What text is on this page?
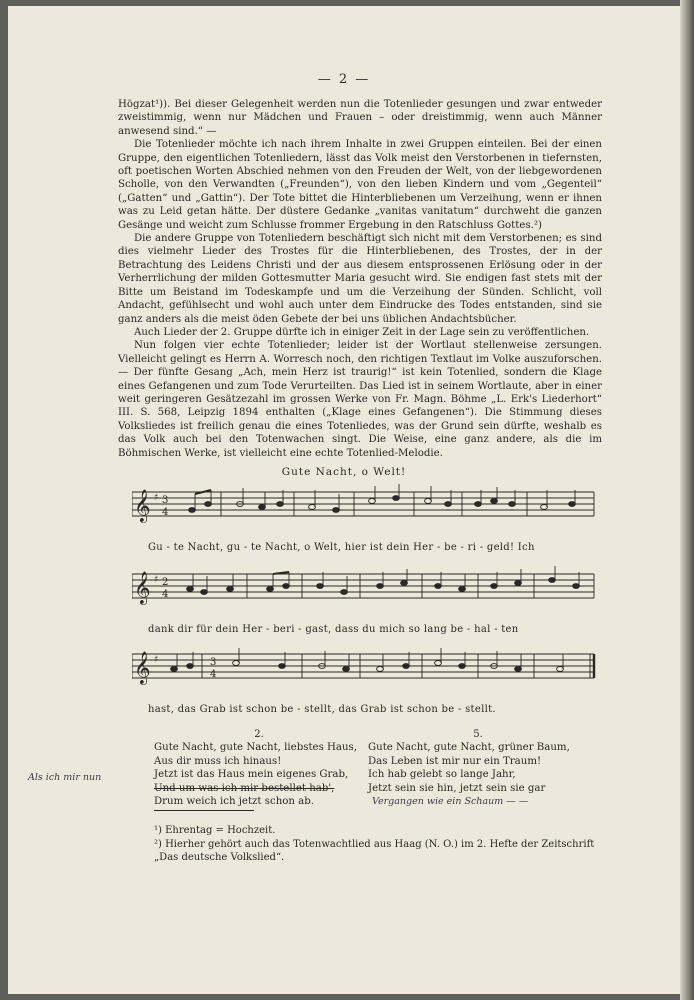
— 2 —

Högzat¹)). Bei dieser Gelegenheit werden nun die Totenlieder gesungen und zwar entweder zweistimmig, wenn nur Mädchen und Frauen – oder dreistimmig, wenn auch Männer anwesend sind.“ —

Die Totenlieder möchte ich nach ihrem Inhalte in zwei Gruppen einteilen. Bei der einen Gruppe, den eigentlichen Totenliedern, lässt das Volk meist den Verstorbenen in tiefernsten, oft poetischen Worten Abschied nehmen von den Freuden der Welt, von der liebgewordenen Scholle, von den Verwandten („Freunden“), von den lieben Kindern und vom „Gegenteil“ („Gatten“ und „Gattin“). Der Tote bittet die Hinterbliebenen um Verzeihung, wenn er ihnen was zu Leid getan hätte. Der düstere Gedanke „vanitas vanitatum“ durchweht die ganzen Gesänge und weicht zum Schlusse frommer Ergebung in den Ratschluss Gottes.²)

Die andere Gruppe von Totenliedern beschäftigt sich nicht mit dem Verstorbenen; es sind dies vielmehr Lieder des Trostes für die Hinterbliebenen, des Trostes, der in der Betrachtung des Leidens Christi und der aus diesem entsprossenen Erlösung oder in der Verherrlichung der milden Gottesmutter Maria gesucht wird. Sie endigen fast stets mit der Bitte um Beistand im Todeskampfe und um die Verzeihung der Sünden. Schlicht, voll Andacht, gefühlsecht und wohl auch unter dem Eindrucke des Todes entstanden, sind sie ganz anders als die meist öden Gebete der bei uns üblichen Andachtsbücher.

Auch Lieder der 2. Gruppe dürfte ich in einiger Zeit in der Lage sein zu veröffentlichen.

Nun folgen vier echte Totenlieder; leider ist der Wortlaut stellenweise zersungen. Vielleicht gelingt es Herrn A. Worresch noch, den richtigen Textlaut im Volke auszuforschen. — Der fünfte Gesang „Ach, mein Herz ist traurig!“ ist kein Totenlied, sondern die Klage eines Gefangenen und zum Tode Verurteilten. Das Lied ist in seinem Wortlaute, aber in einer weit geringeren Gesätzezahl im grossen Werke von Fr. Magn. Böhme „L. Erk's Liederhort“ III. S. 568, Leipzig 1894 enthalten („Klage eines Gefangenen“). Die Stimmung dieses Volksliedes ist freilich genau die eines Totenliedes, was der Grund sein dürfte, weshalb es das Volk auch bei den Totenwachen singt. Die Weise, eine ganz andere, als die im Böhmischen Werke, ist vielleicht eine echte Totenlied-Melodie.

Gute Nacht, o Welt!
𝄞 ♯ 3
4
Gu - te Nacht, gu - te Nacht, o Welt, hier ist dein Her - be - ri - geld! Ich
𝄞 ♯ 2
4
dank dir für dein Her - beri - gast, dass du mich so lang be - hal - ten
𝄞 ♯	3
4
hast, das Grab ist schon be - stellt, das Grab ist schon be - stellt.
2.
Gute Nacht, gute Nacht, liebstes Haus,
Aus dir muss ich hinaus!
Jetzt ist das Haus mein eigenes Grab,
Und um was ich mir bestellet hab',
Drum weich ich jetzt schon ab.
5.
Gute Nacht, gute Nacht, grüner Baum,
Das Leben ist mir nur ein Traum!
Ich hab gelebt so lange Jahr,
Jetzt sein sie hin, jetzt sein sie gar
Als ich mir nun
Vergangen wie ein Schaum — —
¹) Ehrentag = Hochzeit.
²) Hierher gehört auch das Totenwachtlied aus Haag (N. O.) im 2. Hefte der Zeitschrift „Das deutsche Volkslied“.
